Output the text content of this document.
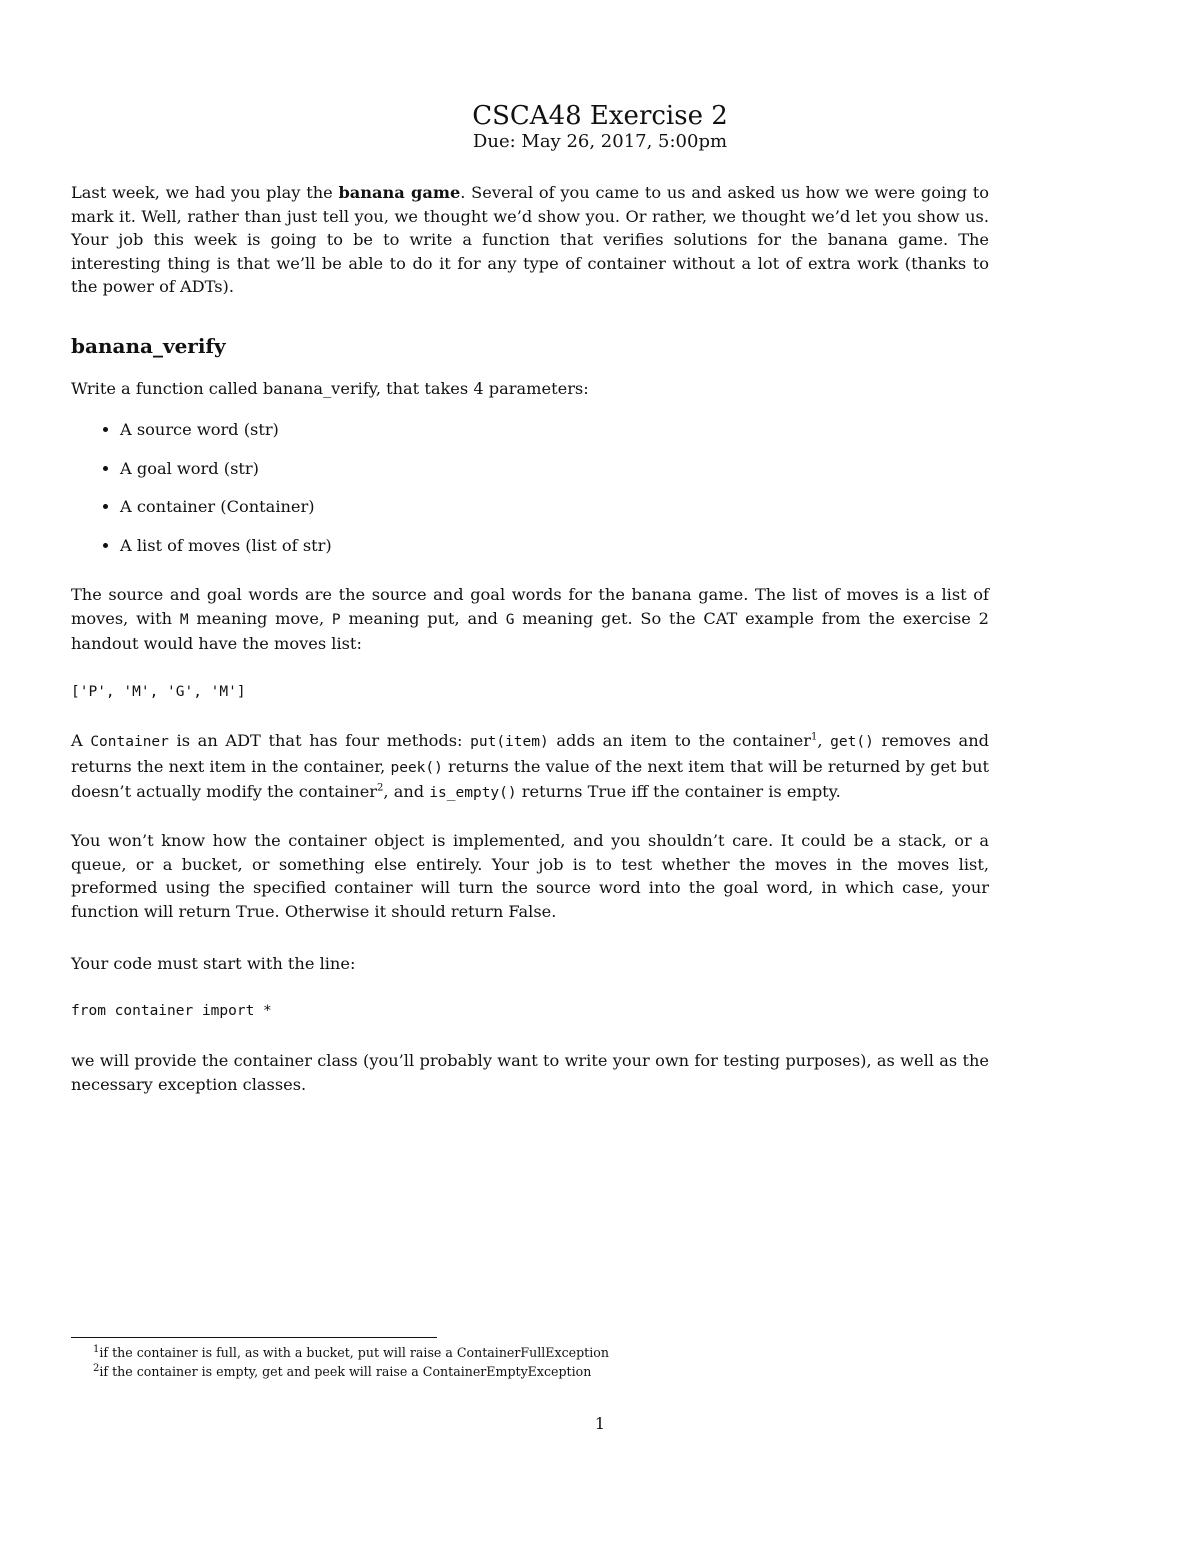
CSCA48 Exercise 2
Due: May 26, 2017, 5:00pm
Last week, we had you play the banana game. Several of you came to us and asked us how we were going to mark it. Well, rather than just tell you, we thought we’d show you. Or rather, we thought we’d let you show us. Your job this week is going to be to write a function that verifies solutions for the banana game. The interesting thing is that we’ll be able to do it for any type of container without a lot of extra work (thanks to the power of ADTs).
banana_verify
Write a function called banana_verify, that takes 4 parameters:
• A source word (str)
• A goal word (str)
• A container (Container)
• A list of moves (list of str)
The source and goal words are the source and goal words for the banana game. The list of moves is a list of moves, with M meaning move, P meaning put, and G meaning get. So the CAT example from the exercise 2 handout would have the moves list:
['P', 'M', 'G', 'M']
A Container is an ADT that has four methods: put(item) adds an item to the container$^1$, get() removes and returns the next item in the container, peek() returns the value of the next item that will be returned by get but doesn’t actually modify the container$^2$, and is_empty() returns True iff the container is empty.
You won’t know how the container object is implemented, and you shouldn’t care. It could be a stack, or a queue, or a bucket, or something else entirely. Your job is to test whether the moves in the moves list, preformed using the specified container will turn the source word into the goal word, in which case, your function will return True. Otherwise it should return False.
Your code must start with the line:
from container import *
we will provide the container class (you’ll probably want to write your own for testing purposes), as well as the necessary exception classes.
$^1$if the container is full, as with a bucket, put will raise a ContainerFullException
$^2$if the container is empty, get and peek will raise a ContainerEmptyException
1
